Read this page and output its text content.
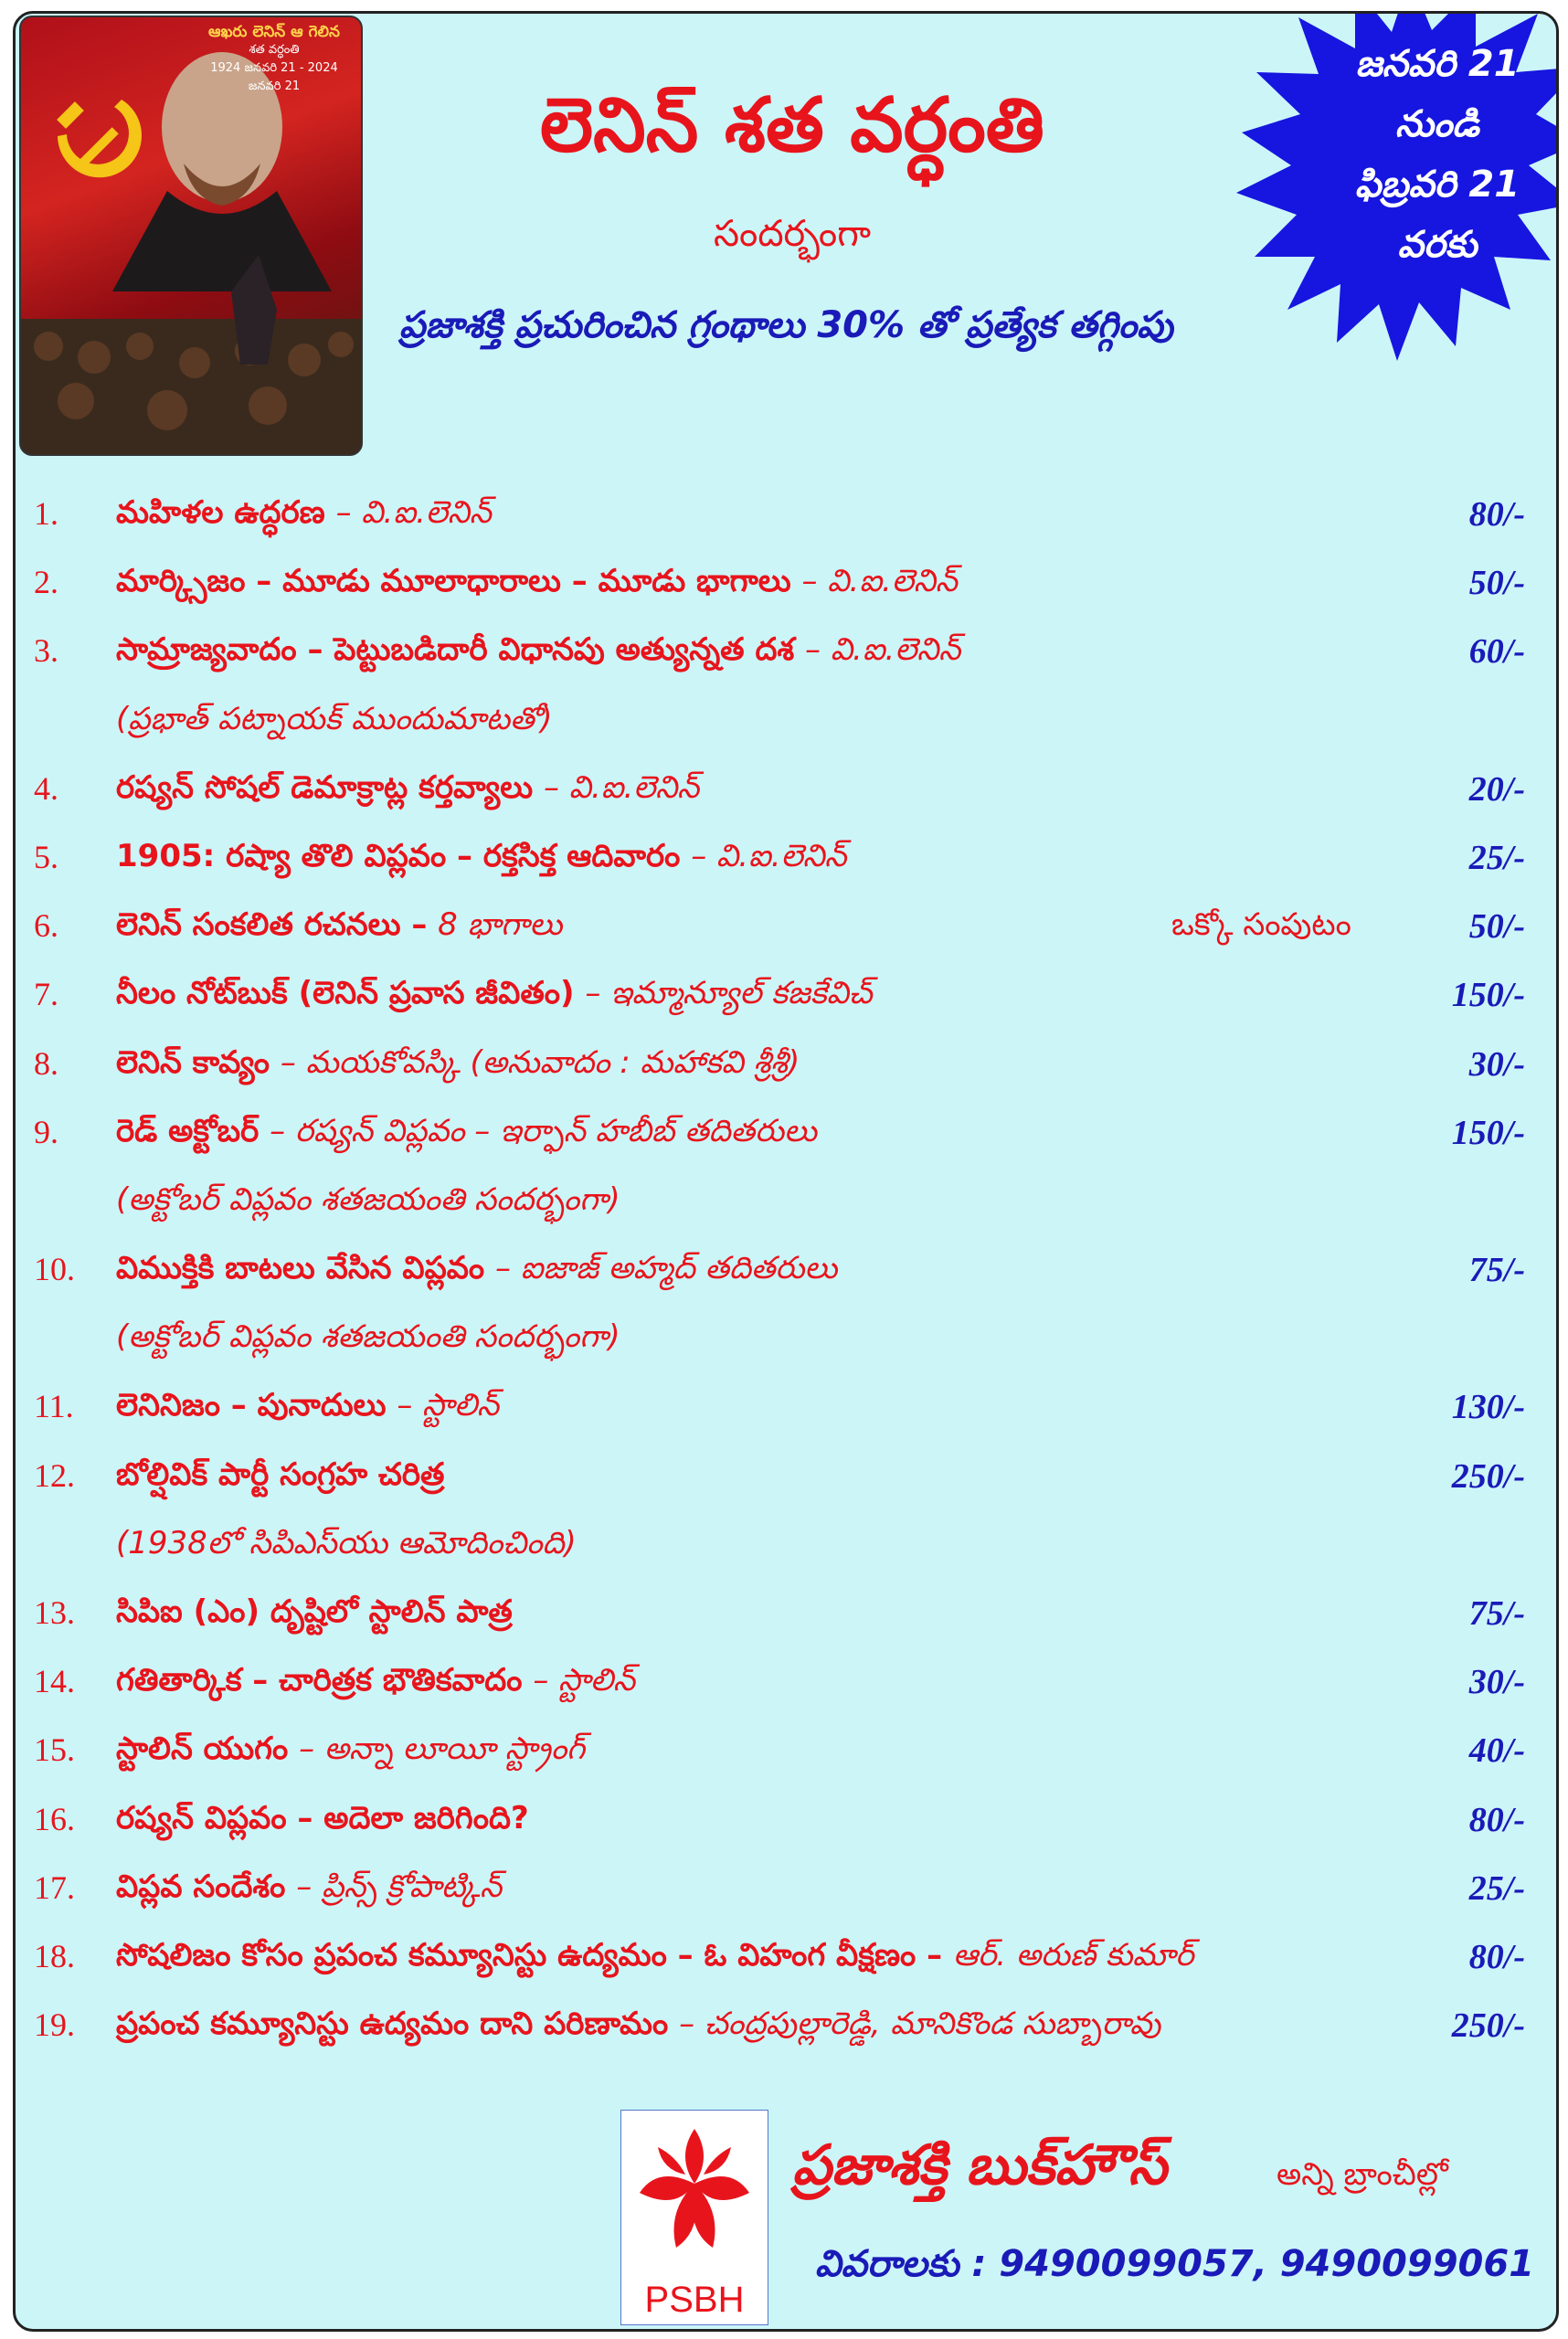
ఆఖరు లెనిన్ ఆ గెలిన
శత వర్ధంతి
1924 జనవరి 21 - 2024 జనవరి 21
జనవరి 21
నుండి
ఫిబ్రవరి 21
వరకు
లెనిన్ శత వర్ధంతి
సందర్భంగా
ప్రజాశక్తి ప్రచురించిన గ్రంథాలు 30% తో ప్రత్యేక తగ్గింపు
1. మహిళల ఉద్ధరణ – వి.ఐ.లెనిన్	80/-
2. మార్క్సిజం – మూడు మూలాధారాలు – మూడు భాగాలు – వి.ఐ.లెనిన్	50/-
3. సామ్రాజ్యవాదం – పెట్టుబడిదారీ విధానపు అత్యున్నత దశ – వి.ఐ.లెనిన్	60/-
(ప్రభాత్ పట్నాయక్ ముందుమాటతో)
4. రష్యన్ సోషల్ డెమాక్రాట్ల కర్తవ్యాలు – వి.ఐ.లెనిన్	20/-
5. 1905: రష్యా తొలి విప్లవం – రక్తసిక్త ఆదివారం – వి.ఐ.లెనిన్	25/-
6. లెనిన్ సంకలిత రచనలు – 8 భాగాలు	ఒక్కో సంపుటం	50/-
7. నీలం నోట్‌బుక్ (లెనిన్ ప్రవాస జీవితం) – ఇమ్మాన్యూల్ కజకేవిచ్	150/-
8. లెనిన్ కావ్యం – మయకోవస్కి (అనువాదం : మహాకవి శ్రీశ్రీ)	30/-
9. రెడ్ అక్టోబర్ – రష్యన్ విప్లవం – ఇర్ఫాన్ హబీబ్ తదితరులు	150/-
(అక్టోబర్ విప్లవం శతజయంతి సందర్భంగా)
10. విముక్తికి బాటలు వేసిన విప్లవం – ఐజాజ్ అహ్మద్ తదితరులు	75/-
(అక్టోబర్ విప్లవం శతజయంతి సందర్భంగా)
11. లెనినిజం – పునాదులు – స్టాలిన్	130/-
12. బోల్షివిక్ పార్టీ సంగ్రహ చరిత్ర	250/-
(1938లో సిపిఎస్‌యు ఆమోదించింది)
13. సిపిఐ (ఎం) దృష్టిలో స్టాలిన్ పాత్ర	75/-
14. గతితార్కిక – చారిత్రక భౌతికవాదం – స్టాలిన్	30/-
15. స్టాలిన్ యుగం – అన్నా లూయీ స్ట్రాంగ్	40/-
16. రష్యన్ విప్లవం – అదెలా జరిగింది?	80/-
17. విప్లవ సందేశం – ప్రిన్స్ క్రోపాట్కిన్	25/-
18. సోషలిజం కోసం ప్రపంచ కమ్యూనిస్టు ఉద్యమం – ఓ విహంగ వీక్షణం – ఆర్. అరుణ్ కుమార్	80/-
19. ప్రపంచ కమ్యూనిస్టు ఉద్యమం దాని పరిణామం – చంద్రపుల్లారెడ్డి, మానికొండ సుబ్బారావు	250/-
PSBH
ప్రజాశక్తి బుక్‌హౌస్	అన్ని బ్రాంచీల్లో
వివరాలకు : 9490099057, 9490099061
